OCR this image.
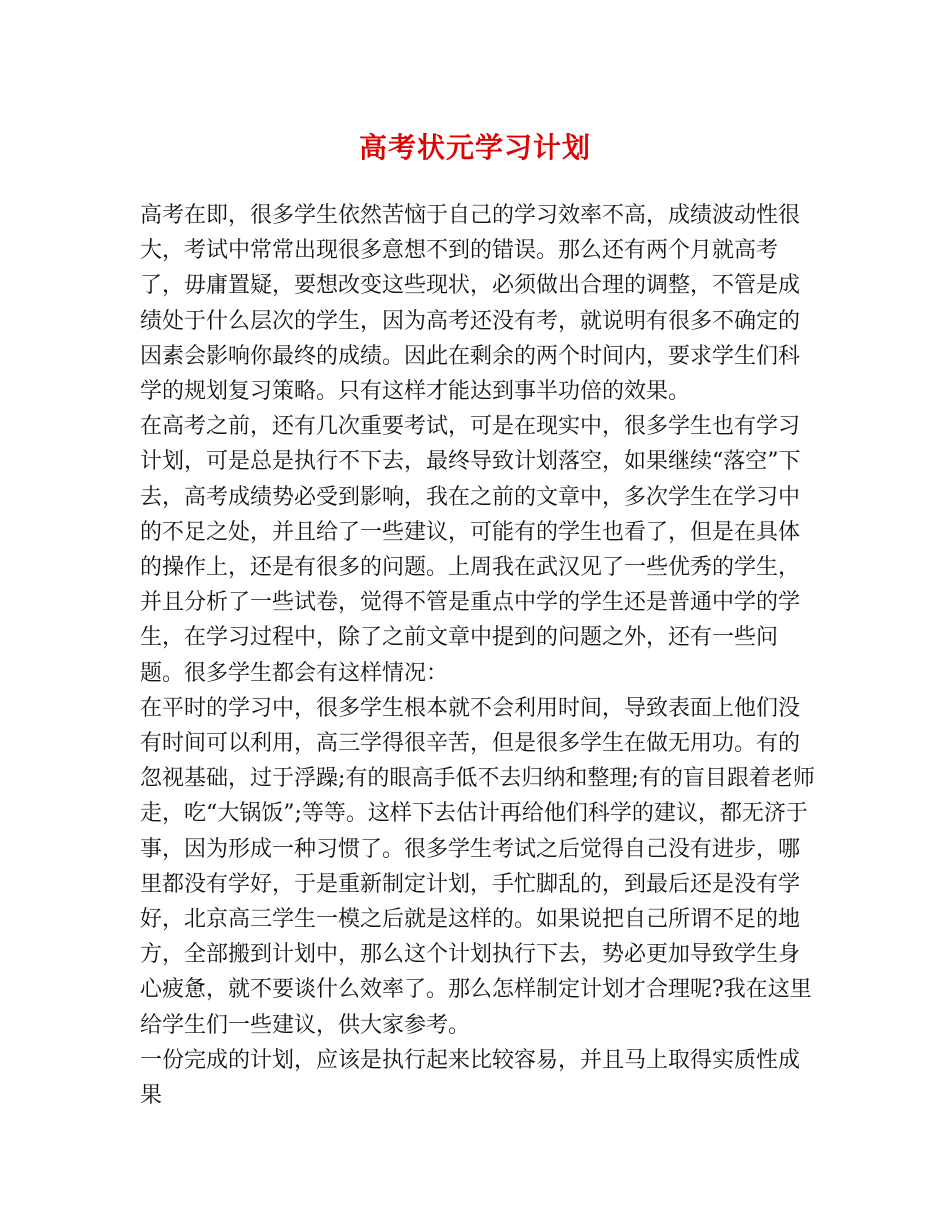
高考状元学习计划

高考在即，很多学生依然苦恼于自己的学习效率不高，成绩波动性很大，考试中常常出现很多意想不到的错误。那么还有两个月就高考了，毋庸置疑，要想改变这些现状，必须做出合理的调整，不管是成绩处于什么层次的学生，因为高考还没有考，就说明有很多不确定的因素会影响你最终的成绩。因此在剩余的两个时间内，要求学生们科学的规划复习策略。只有这样才能达到事半功倍的效果。

在高考之前，还有几次重要考试，可是在现实中，很多学生也有学习计划，可是总是执行不下去，最终导致计划落空，如果继续“落空”下去，高考成绩势必受到影响，我在之前的文章中，多次学生在学习中的不足之处，并且给了一些建议，可能有的学生也看了，但是在具体的操作上，还是有很多的问题。上周我在武汉见了一些优秀的学生，并且分析了一些试卷，觉得不管是重点中学的学生还是普通中学的学生，在学习过程中，除了之前文章中提到的问题之外，还有一些问题。很多学生都会有这样情况：

在平时的学习中，很多学生根本就不会利用时间，导致表面上他们没有时间可以利用，高三学得很辛苦，但是很多学生在做无用功。有的忽视基础，过于浮躁;有的眼高手低不去归纳和整理;有的盲目跟着老师走，吃“大锅饭”;等等。这样下去估计再给他们科学的建议，都无济于事，因为形成一种习惯了。很多学生考试之后觉得自己没有进步，哪里都没有学好，于是重新制定计划，手忙脚乱的，到最后还是没有学好，北京高三学生一模之后就是这样的。如果说把自己所谓不足的地方，全部搬到计划中，那么这个计划执行下去，势必更加导致学生身心疲惫，就不要谈什么效率了。那么怎样制定计划才合理呢?我在这里给学生们一些建议，供大家参考。

一份完成的计划，应该是执行起来比较容易，并且马上取得实质性成果
